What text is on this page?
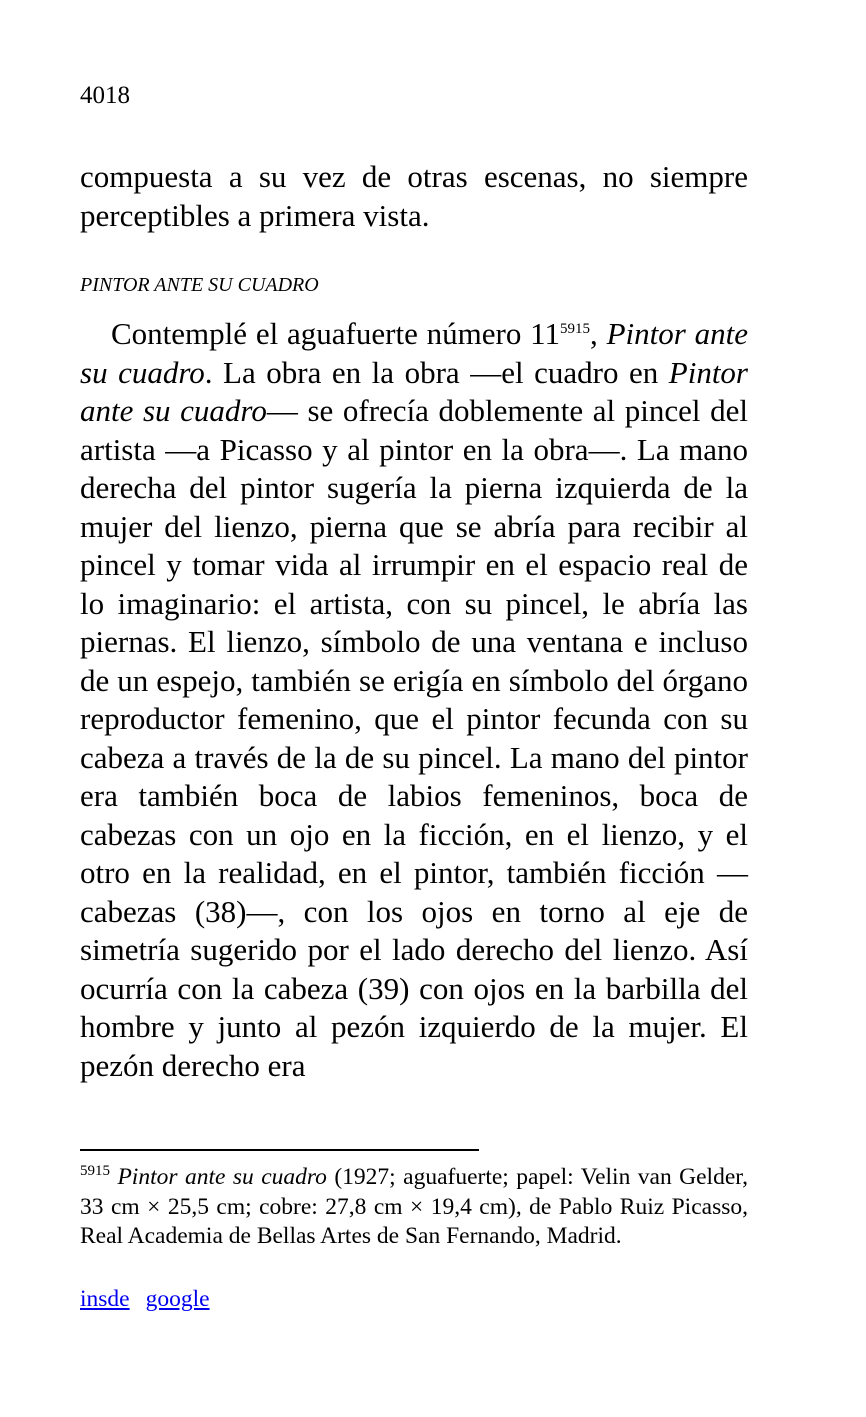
4018

compuesta a su vez de otras escenas, no siempre perceptibles a primera vista.

PINTOR ANTE SU CUADRO

Contemplé el aguafuerte número 11$^{5915}$, Pintor ante su cuadro. La obra en la obra —el cuadro en Pintor ante su cuadro— se ofrecía doblemente al pincel del artista —a Picasso y al pintor en la obra—. La mano derecha del pintor sugería la pierna izquierda de la mujer del lienzo, pierna que se abría para recibir al pincel y tomar vida al irrumpir en el espacio real de lo imaginario: el artista, con su pincel, le abría las piernas. El lienzo, símbolo de una ventana e incluso de un espejo, también se erigía en símbolo del órgano reproductor femenino, que el pintor fecunda con su cabeza a través de la de su pincel. La mano del pintor era también boca de labios femeninos, boca de cabezas con un ojo en la ficción, en el lienzo, y el otro en la realidad, en el pintor, también ficción —cabezas (38)—, con los ojos en torno al eje de simetría sugerido por el lado derecho del lienzo. Así ocurría con la cabeza (39) con ojos en la barbilla del hombre y junto al pezón izquierdo de la mujer. El pezón derecho era

$^{5915}$ Pintor ante su cuadro (1927; aguafuerte; papel: Velin van Gelder, 33 cm × 25,5 cm; cobre: 27,8 cm × 19,4 cm), de Pablo Ruiz Picasso, Real Academia de Bellas Artes de San Fernando, Madrid.

insde google
